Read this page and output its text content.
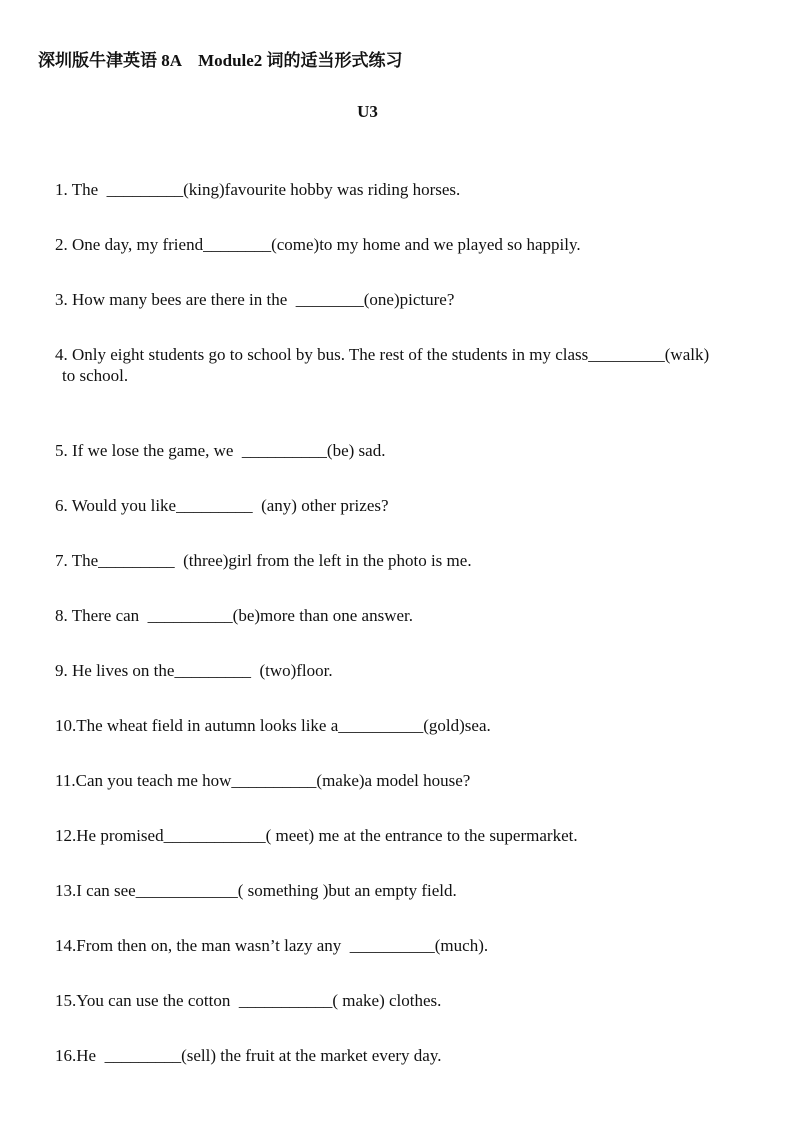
深圳版牛津英语 8A    Module2 词的适当形式练习
U3

1. The  _________(king)favourite hobby was riding horses.

2. One day, my friend________(come)to my home and we played so happily.

3. How many bees are there in the  ________(one)picture?

4. Only eight students go to school by bus. The rest of the students in my class_________(walk)

to school.

5. If we lose the game, we  __________(be) sad.

6. Would you like_________  (any) other prizes?

7. The_________  (three)girl from the left in the photo is me.

8. There can  __________(be)more than one answer.

9. He lives on the_________  (two)floor.

10.The wheat field in autumn looks like a__________(gold)sea.

11.Can you teach me how__________(make)a model house?

12.He promised____________( meet) me at the entrance to the supermarket.

13.I can see____________( something )but an empty field.

14.From then on, the man wasn’t lazy any  __________(much).

15.You can use the cotton  ___________( make) clothes.

16.He  _________(sell) the fruit at the market every day.
